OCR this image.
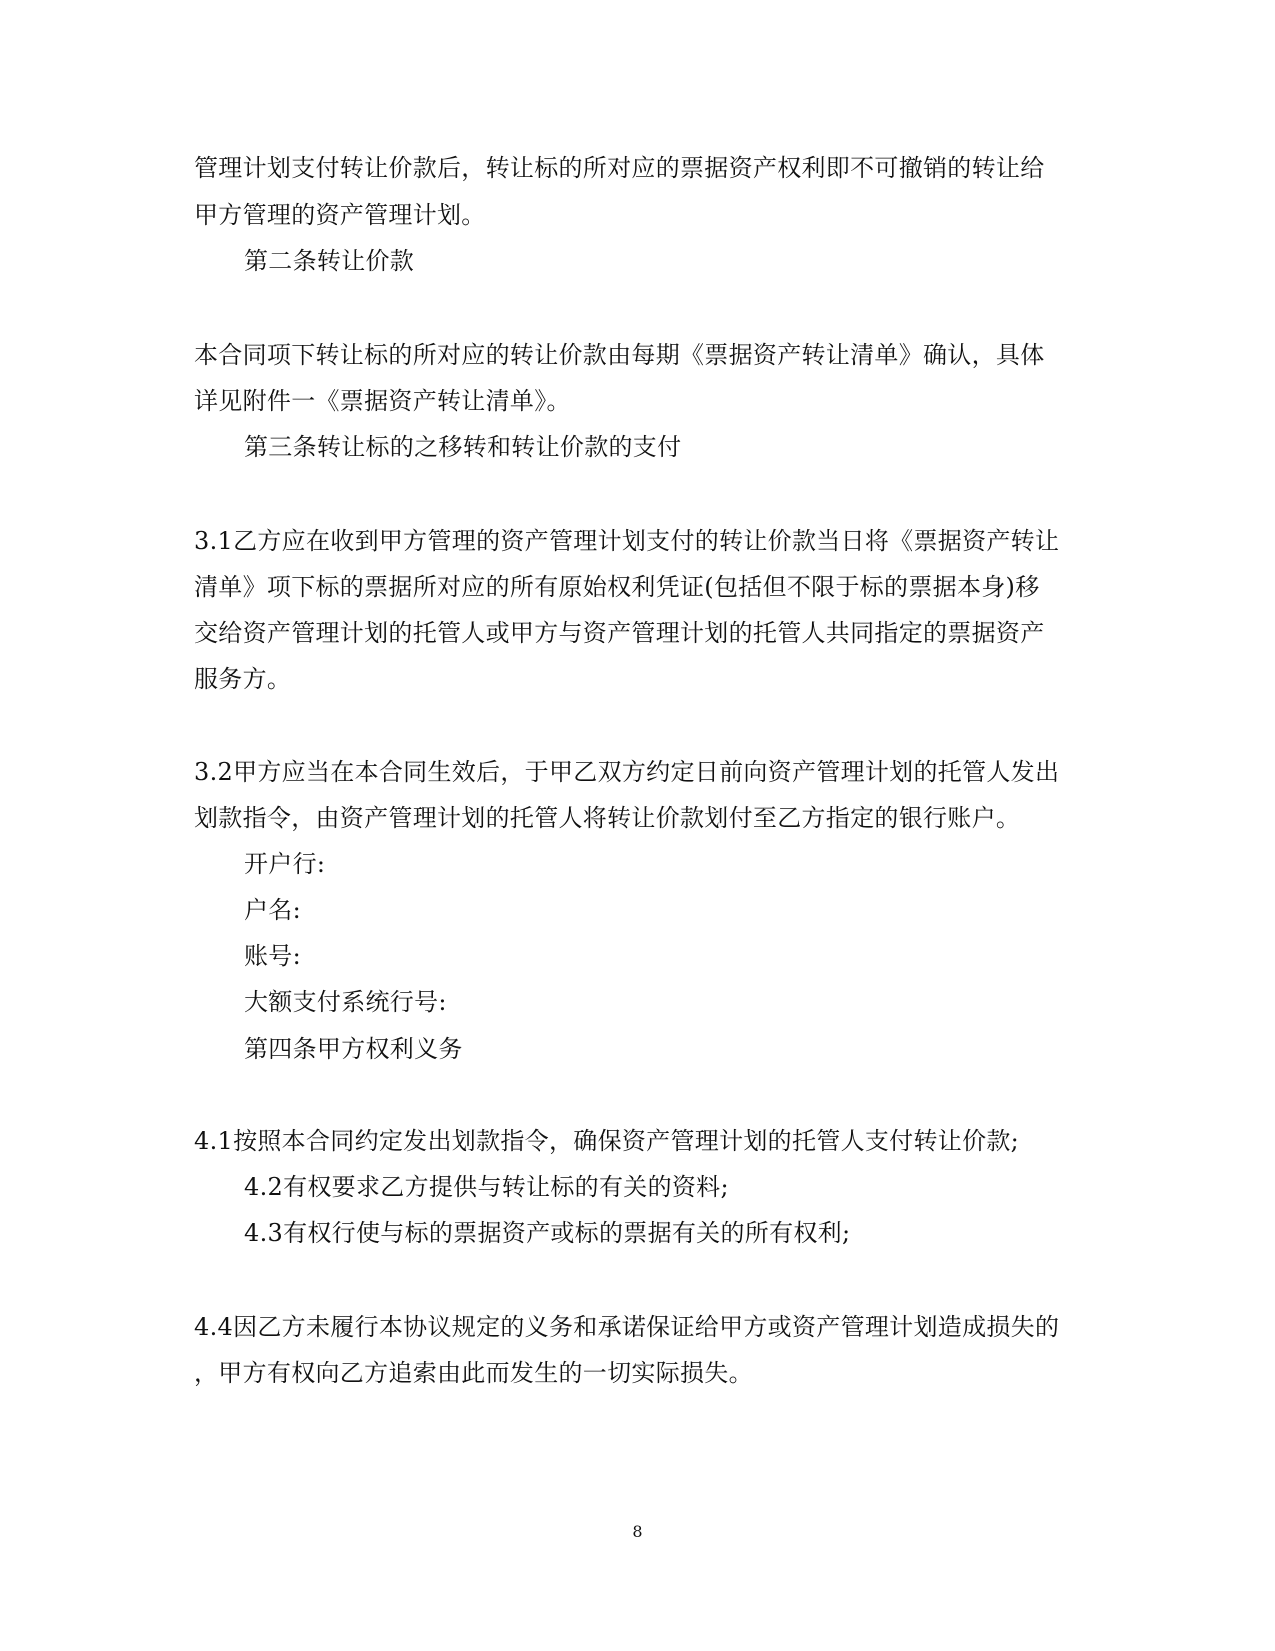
管理计划支付转让价款后，转让标的所对应的票据资产权利即不可撤销的转让给
甲方管理的资产管理计划。
第二条转让价款
本合同项下转让标的所对应的转让价款由每期《票据资产转让清单》确认，具体
详见附件一《票据资产转让清单》。
第三条转让标的之移转和转让价款的支付
3.1乙方应在收到甲方管理的资产管理计划支付的转让价款当日将《票据资产转让
清单》项下标的票据所对应的所有原始权利凭证(包括但不限于标的票据本身)移
交给资产管理计划的托管人或甲方与资产管理计划的托管人共同指定的票据资产
服务方。
3.2甲方应当在本合同生效后，于甲乙双方约定日前向资产管理计划的托管人发出
划款指令，由资产管理计划的托管人将转让价款划付至乙方指定的银行账户。
开户行:
户名:
账号:
大额支付系统行号:
第四条甲方权利义务
4.1按照本合同约定发出划款指令，确保资产管理计划的托管人支付转让价款;
4.2有权要求乙方提供与转让标的有关的资料;
4.3有权行使与标的票据资产或标的票据有关的所有权利;
4.4因乙方未履行本协议规定的义务和承诺保证给甲方或资产管理计划造成损失的
，甲方有权向乙方追索由此而发生的一切实际损失。
8
